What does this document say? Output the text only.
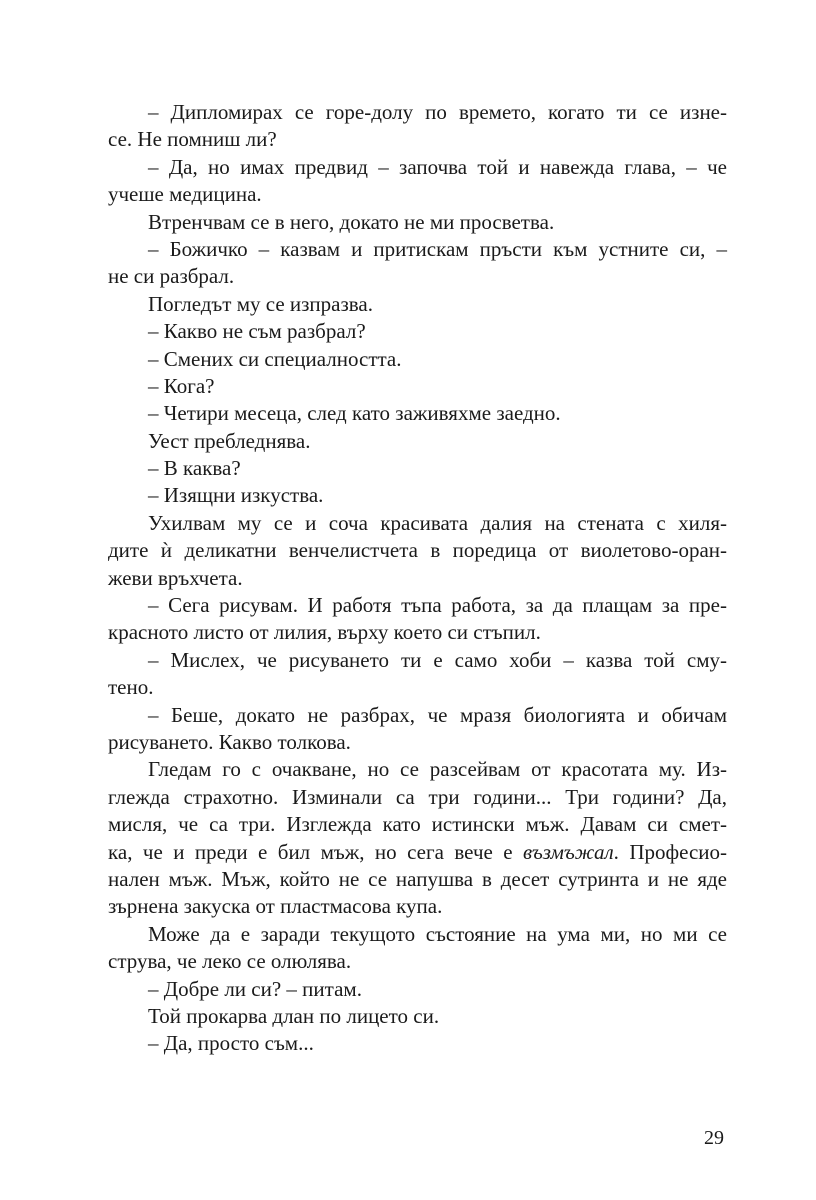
– Дипломирах се горе-долу по времето, когато ти се изне-
се. Не помниш ли?
– Да, но имах предвид – започва той и навежда глава, – че
учеше медицина.
Втренчвам се в него, докато не ми просветва.
– Божичко – казвам и притискам пръсти към устните си, –
не си разбрал.
Погледът му се изпразва.
– Какво не съм разбрал?
– Смених си специалността.
– Кога?
– Четири месеца, след като заживяхме заедно.
Уест пребледнява.
– В каква?
– Изящни изкуства.
Ухилвам му се и соча красивата далия на стената с хиля-
дите ѝ деликатни венчелистчета в поредица от виолетово-оран-
жеви връхчета.
– Сега рисувам. И работя тъпа работа, за да плащам за пре-
красното листо от лилия, върху което си стъпил.
– Мислех, че рисуването ти е само хоби – казва той сму-
тено.
– Беше, докато не разбрах, че мразя биологията и обичам
рисуването. Какво толкова.
Гледам го с очакване, но се разсейвам от красотата му. Из-
глежда страхотно. Изминали са три години... Три години? Да,
мисля, че са три. Изглежда като истински мъж. Давам си смет-
ка, че и преди е бил мъж, но сега вече е възмъжал. Професио-
нален мъж. Мъж, който не се напушва в десет сутринта и не яде
зърнена закуска от пластмасова купа.
Може да е заради текущото състояние на ума ми, но ми се
струва, че леко се олюлява.
– Добре ли си? – питам.
Той прокарва длан по лицето си.
– Да, просто съм...
29
